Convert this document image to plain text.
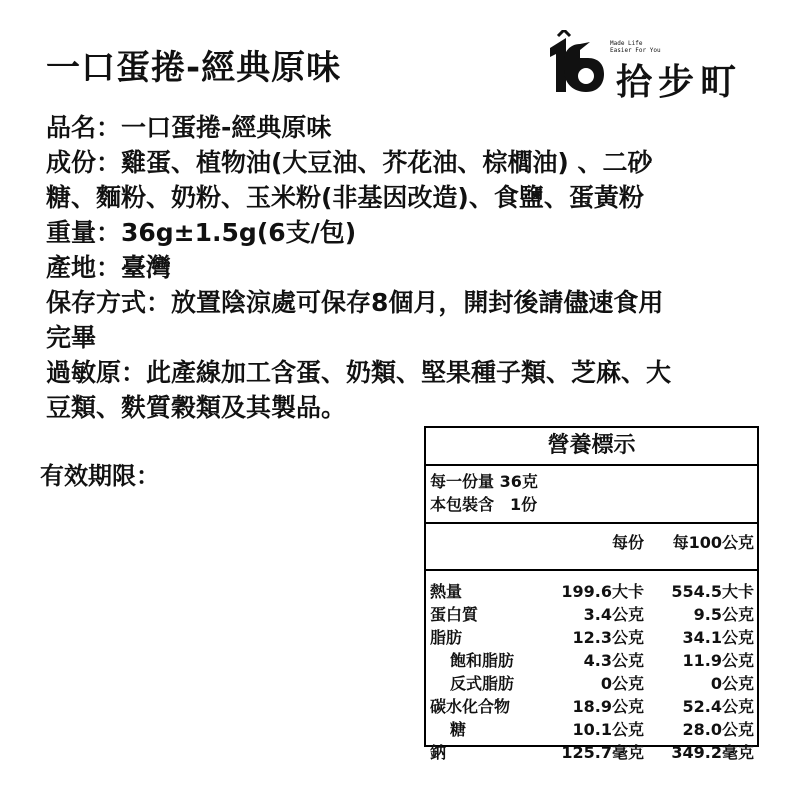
一口蛋捲-經典原味
Made Life
Easier For You
拾步町
品名：一口蛋捲-經典原味
成份：雞蛋、植物油(大豆油、芥花油、棕櫚油) 、二砂
糖、麵粉、奶粉、玉米粉(非基因改造)、食鹽、蛋黃粉
重量：36g±1.5g(6支/包)
產地：臺灣
保存方式：放置陰涼處可保存8個月，開封後請儘速食用
完畢
過敏原：此產線加工含蛋、奶類、堅果種子類、芝麻、大
豆類、麩質穀類及其製品。
有效期限：
營養標示
每一份量 36克
本包裝含　1份
每份 每100公克
熱量	199.6大卡 554.5大卡
蛋白質	3.4公克	9.5公克
脂肪	12.3公克 34.1公克
飽和脂肪	4.3公克 11.9公克
反式脂肪	0公克	0公克
碳水化合物	18.9公克 52.4公克
糖	10.1公克 28.0公克
鈉	125.7毫克 349.2毫克
